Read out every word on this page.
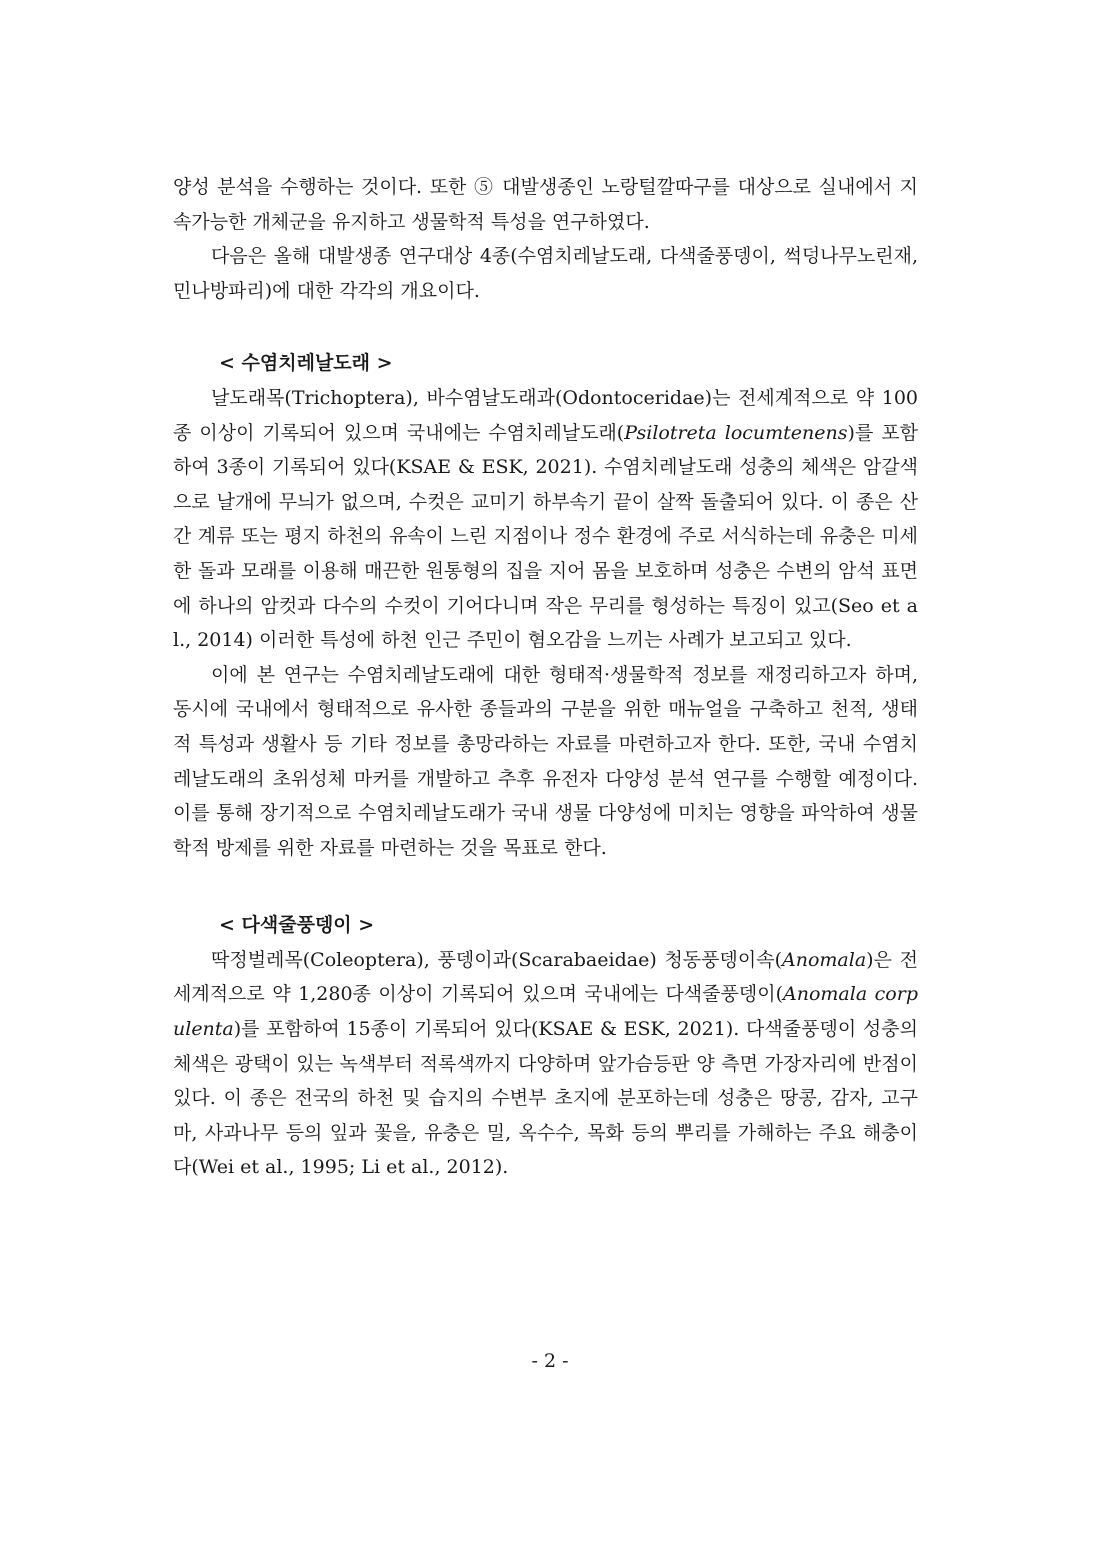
양성 분석을 수행하는 것이다. 또한 ⑤ 대발생종인 노랑털깔따구를 대상으로 실내에서 지속가능한 개체군을 유지하고 생물학적 특성을 연구하였다.

다음은 올해 대발생종 연구대상 4종(수염치레날도래, 다색줄풍뎅이, 썩덩나무노린재, 민나방파리)에 대한 각각의 개요이다.

< 수염치레날도래 >

날도래목(Trichoptera), 바수염날도래과(Odontoceridae)는 전세계적으로 약 100종 이상이 기록되어 있으며 국내에는 수염치레날도래(Psilotreta locumtenens)를 포함하여 3종이 기록되어 있다(KSAE & ESK, 2021). 수염치레날도래 성충의 체색은 암갈색으로 날개에 무늬가 없으며, 수컷은 교미기 하부속기 끝이 살짝 돌출되어 있다. 이 종은 산간 계류 또는 평지 하천의 유속이 느린 지점이나 정수 환경에 주로 서식하는데 유충은 미세한 돌과 모래를 이용해 매끈한 원통형의 집을 지어 몸을 보호하며 성충은 수변의 암석 표면에 하나의 암컷과 다수의 수컷이 기어다니며 작은 무리를 형성하는 특징이 있고(Seo et al., 2014) 이러한 특성에 하천 인근 주민이 혐오감을 느끼는 사례가 보고되고 있다.

이에 본 연구는 수염치레날도래에 대한 형태적·생물학적 정보를 재정리하고자 하며, 동시에 국내에서 형태적으로 유사한 종들과의 구분을 위한 매뉴얼을 구축하고 천적, 생태적 특성과 생활사 등 기타 정보를 총망라하는 자료를 마련하고자 한다. 또한, 국내 수염치레날도래의 초위성체 마커를 개발하고 추후 유전자 다양성 분석 연구를 수행할 예정이다. 이를 통해 장기적으로 수염치레날도래가 국내 생물 다양성에 미치는 영향을 파악하여 생물학적 방제를 위한 자료를 마련하는 것을 목표로 한다.

< 다색줄풍뎅이 >

딱정벌레목(Coleoptera), 풍뎅이과(Scarabaeidae) 청동풍뎅이속(Anomala)은 전세계적으로 약 1,280종 이상이 기록되어 있으며 국내에는 다색줄풍뎅이(Anomala corpulenta)를 포함하여 15종이 기록되어 있다(KSAE & ESK, 2021). 다색줄풍뎅이 성충의 체색은 광택이 있는 녹색부터 적록색까지 다양하며 앞가슴등판 양 측면 가장자리에 반점이 있다. 이 종은 전국의 하천 및 습지의 수변부 초지에 분포하는데 성충은 땅콩, 감자, 고구마, 사과나무 등의 잎과 꽃을, 유충은 밀, 옥수수, 목화 등의 뿌리를 가해하는 주요 해충이다(Wei et al., 1995; Li et al., 2012).

- 2 -
